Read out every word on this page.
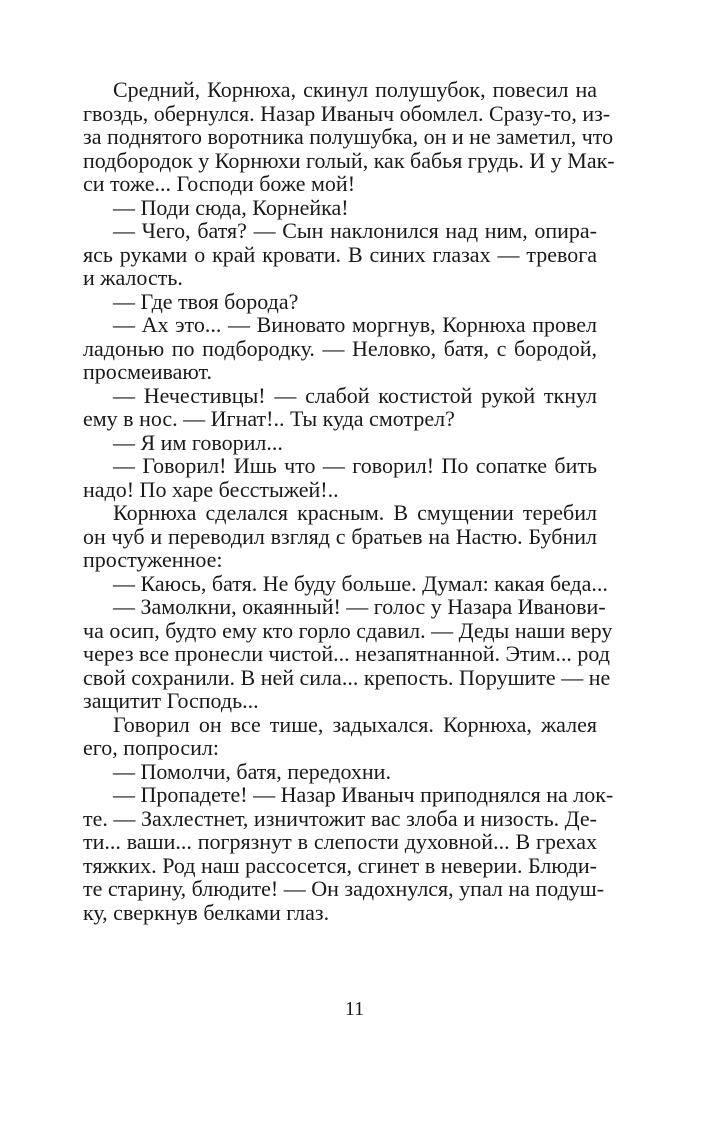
Средний, Корнюха, скинул полушубок, повесил на
гвоздь, обернулся. Назар Иваныч обомлел. Сразу-то, из-
за поднятого воротника полушубка, он и не заметил, что
подбородок у Корнюхи голый, как бабья грудь. И у Мак-
си тоже... Господи боже мой!
— Поди сюда, Корнейка!
— Чего, батя? — Сын наклонился над ним, опира-
ясь руками о край кровати. В синих глазах — тревога
и жалость.
— Где твоя борода?
— Ах это... — Виновато моргнув, Корнюха провел
ладонью по подбородку. — Неловко, батя, с бородой,
просмеивают.
— Нечестивцы! — слабой костистой рукой ткнул
ему в нос. — Игнат!.. Ты куда смотрел?
— Я им говорил...
— Говорил! Ишь что — говорил! По сопатке бить
надо! По харе бесстыжей!..
Корнюха сделался красным. В смущении теребил
он чуб и переводил взгляд с братьев на Настю. Бубнил
простуженное:
— Каюсь, батя. Не буду больше. Думал: какая беда...
— Замолкни, окаянный! — голос у Назара Иванови-
ча осип, будто ему кто горло сдавил. — Деды наши веру
через все пронесли чистой... незапятнанной. Этим... род
свой сохранили. В ней сила... крепость. Порушите — не
защитит Господь...
Говорил он все тише, задыхался. Корнюха, жалея
его, попросил:
— Помолчи, батя, передохни.
— Пропадете! — Назар Иваныч приподнялся на лок-
те. — Захлестнет, изничтожит вас злоба и низость. Де-
ти... ваши... погрязнут в слепости духовной... В грехах
тяжких. Род наш рассосется, сгинет в неверии. Блюди-
те старину, блюдите! — Он задохнулся, упал на подуш-
ку, сверкнув белками глаз.
11
